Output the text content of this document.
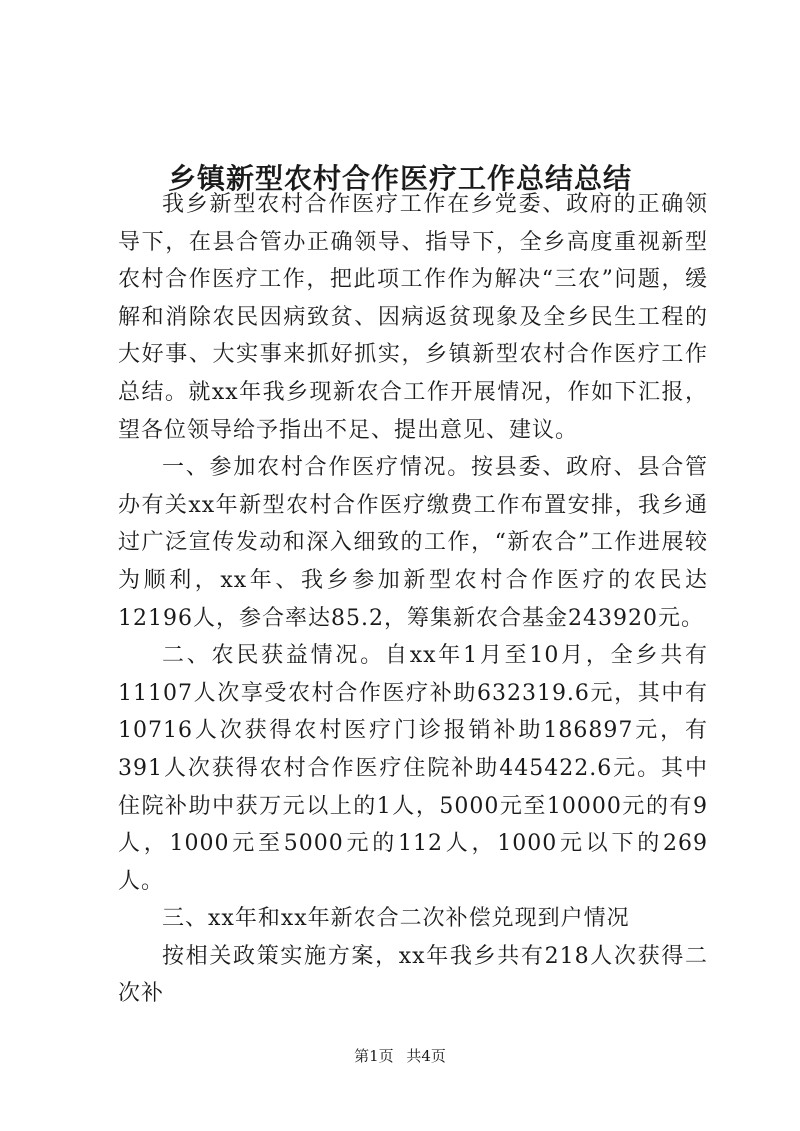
乡镇新型农村合作医疗工作总结总结

我乡新型农村合作医疗工作在乡党委、政府的正确领导下，在县合管办正确领导、指导下，全乡高度重视新型农村合作医疗工作，把此项工作作为解决“三农”问题，缓解和消除农民因病致贫、因病返贫现象及全乡民生工程的大好事、大实事来抓好抓实，乡镇新型农村合作医疗工作总结。就xx年我乡现新农合工作开展情况，作如下汇报，望各位领导给予指出不足、提出意见、建议。

一、参加农村合作医疗情况。按县委、政府、县合管办有关xx年新型农村合作医疗缴费工作布置安排，我乡通过广泛宣传发动和深入细致的工作，“新农合”工作进展较为顺利，xx年、我乡参加新型农村合作医疗的农民达12196人，参合率达85.2，筹集新农合基金243920元。

二、农民获益情况。自xx年1月至10月，全乡共有11107人次享受农村合作医疗补助632319.6元，其中有10716人次获得农村医疗门诊报销补助186897元，有391人次获得农村合作医疗住院补助445422.6元。其中住院补助中获万元以上的1人，5000元至10000元的有9人，1000元至5000元的112人，1000元以下的269人。

三、xx年和xx年新农合二次补偿兑现到户情况

按相关政策实施方案，xx年我乡共有218人次获得二次补

第1页 共4页
